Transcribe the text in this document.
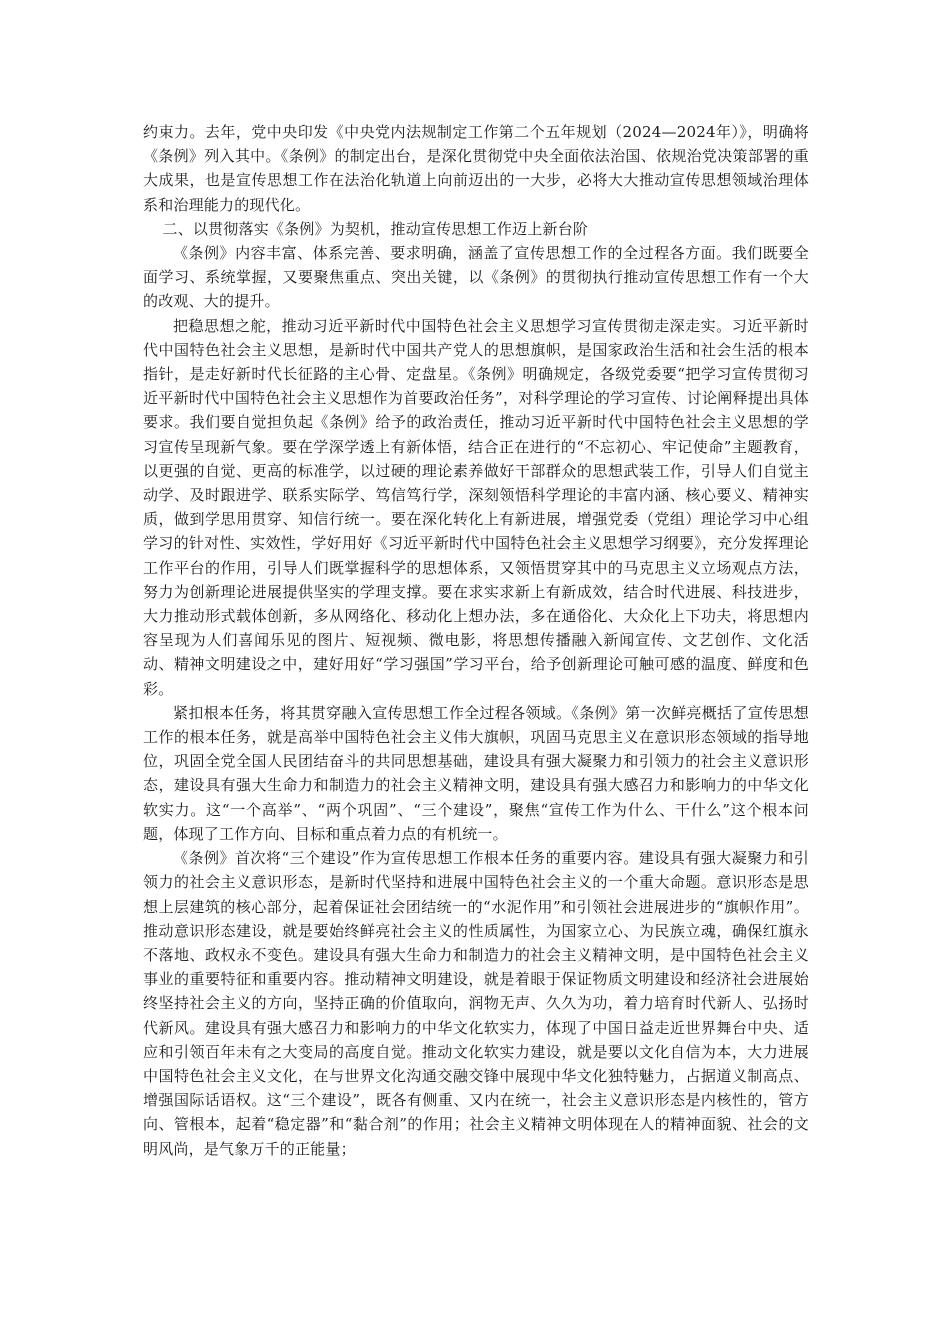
约束力。去年，党中央印发《中央党内法规制定工作第二个五年规划（2024—2024年）》，明确将《条例》列入其中。《条例》的制定出台，是深化贯彻党中央全面依法治国、依规治党决策部署的重大成果，也是宣传思想工作在法治化轨道上向前迈出的一大步，必将大大推动宣传思想领域治理体系和治理能力的现代化。

二、以贯彻落实《条例》为契机，推动宣传思想工作迈上新台阶

《条例》内容丰富、体系完善、要求明确，涵盖了宣传思想工作的全过程各方面。我们既要全面学习、系统掌握，又要聚焦重点、突出关键，以《条例》的贯彻执行推动宣传思想工作有一个大的改观、大的提升。

把稳思想之舵，推动习近平新时代中国特色社会主义思想学习宣传贯彻走深走实。习近平新时代中国特色社会主义思想，是新时代中国共产党人的思想旗帜，是国家政治生活和社会生活的根本指针，是走好新时代长征路的主心骨、定盘星。《条例》明确规定，各级党委要“把学习宣传贯彻习近平新时代中国特色社会主义思想作为首要政治任务”，对科学理论的学习宣传、讨论阐释提出具体要求。我们要自觉担负起《条例》给予的政治责任，推动习近平新时代中国特色社会主义思想的学习宣传呈现新气象。要在学深学透上有新体悟，结合正在进行的“不忘初心、牢记使命”主题教育，以更强的自觉、更高的标准学，以过硬的理论素养做好干部群众的思想武装工作，引导人们自觉主动学、及时跟进学、联系实际学、笃信笃行学，深刻领悟科学理论的丰富内涵、核心要义、精神实质，做到学思用贯穿、知信行统一。要在深化转化上有新进展，增强党委（党组）理论学习中心组学习的针对性、实效性，学好用好《习近平新时代中国特色社会主义思想学习纲要》，充分发挥理论工作平台的作用，引导人们既掌握科学的思想体系，又领悟贯穿其中的马克思主义立场观点方法，努力为创新理论进展提供坚实的学理支撑。要在求实求新上有新成效，结合时代进展、科技进步，大力推动形式载体创新，多从网络化、移动化上想办法，多在通俗化、大众化上下功夫，将思想内容呈现为人们喜闻乐见的图片、短视频、微电影，将思想传播融入新闻宣传、文艺创作、文化活动、精神文明建设之中，建好用好“学习强国”学习平台，给予创新理论可触可感的温度、鲜度和色彩。

紧扣根本任务，将其贯穿融入宣传思想工作全过程各领域。《条例》第一次鲜亮概括了宣传思想工作的根本任务，就是高举中国特色社会主义伟大旗帜，巩固马克思主义在意识形态领域的指导地位，巩固全党全国人民团结奋斗的共同思想基础，建设具有强大凝聚力和引领力的社会主义意识形态，建设具有强大生命力和制造力的社会主义精神文明，建设具有强大感召力和影响力的中华文化软实力。这“一个高举”、“两个巩固”、“三个建设”，聚焦“宣传工作为什么、干什么”这个根本问题，体现了工作方向、目标和重点着力点的有机统一。

《条例》首次将“三个建设”作为宣传思想工作根本任务的重要内容。建设具有强大凝聚力和引领力的社会主义意识形态，是新时代坚持和进展中国特色社会主义的一个重大命题。意识形态是思想上层建筑的核心部分，起着保证社会团结统一的“水泥作用”和引领社会进展进步的“旗帜作用”。推动意识形态建设，就是要始终鲜亮社会主义的性质属性，为国家立心、为民族立魂，确保红旗永不落地、政权永不变色。建设具有强大生命力和制造力的社会主义精神文明，是中国特色社会主义事业的重要特征和重要内容。推动精神文明建设，就是着眼于保证物质文明建设和经济社会进展始终坚持社会主义的方向，坚持正确的价值取向，润物无声、久久为功，着力培育时代新人、弘扬时代新风。建设具有强大感召力和影响力的中华文化软实力，体现了中国日益走近世界舞台中央、适应和引领百年未有之大变局的高度自觉。推动文化软实力建设，就是要以文化自信为本，大力进展中国特色社会主义文化，在与世界文化沟通交融交锋中展现中华文化独特魅力，占据道义制高点、增强国际话语权。这“三个建设”，既各有侧重、又内在统一，社会主义意识形态是内核性的，管方向、管根本，起着“稳定器”和“黏合剂”的作用；社会主义精神文明体现在人的精神面貌、社会的文明风尚，是气象万千的正能量；
